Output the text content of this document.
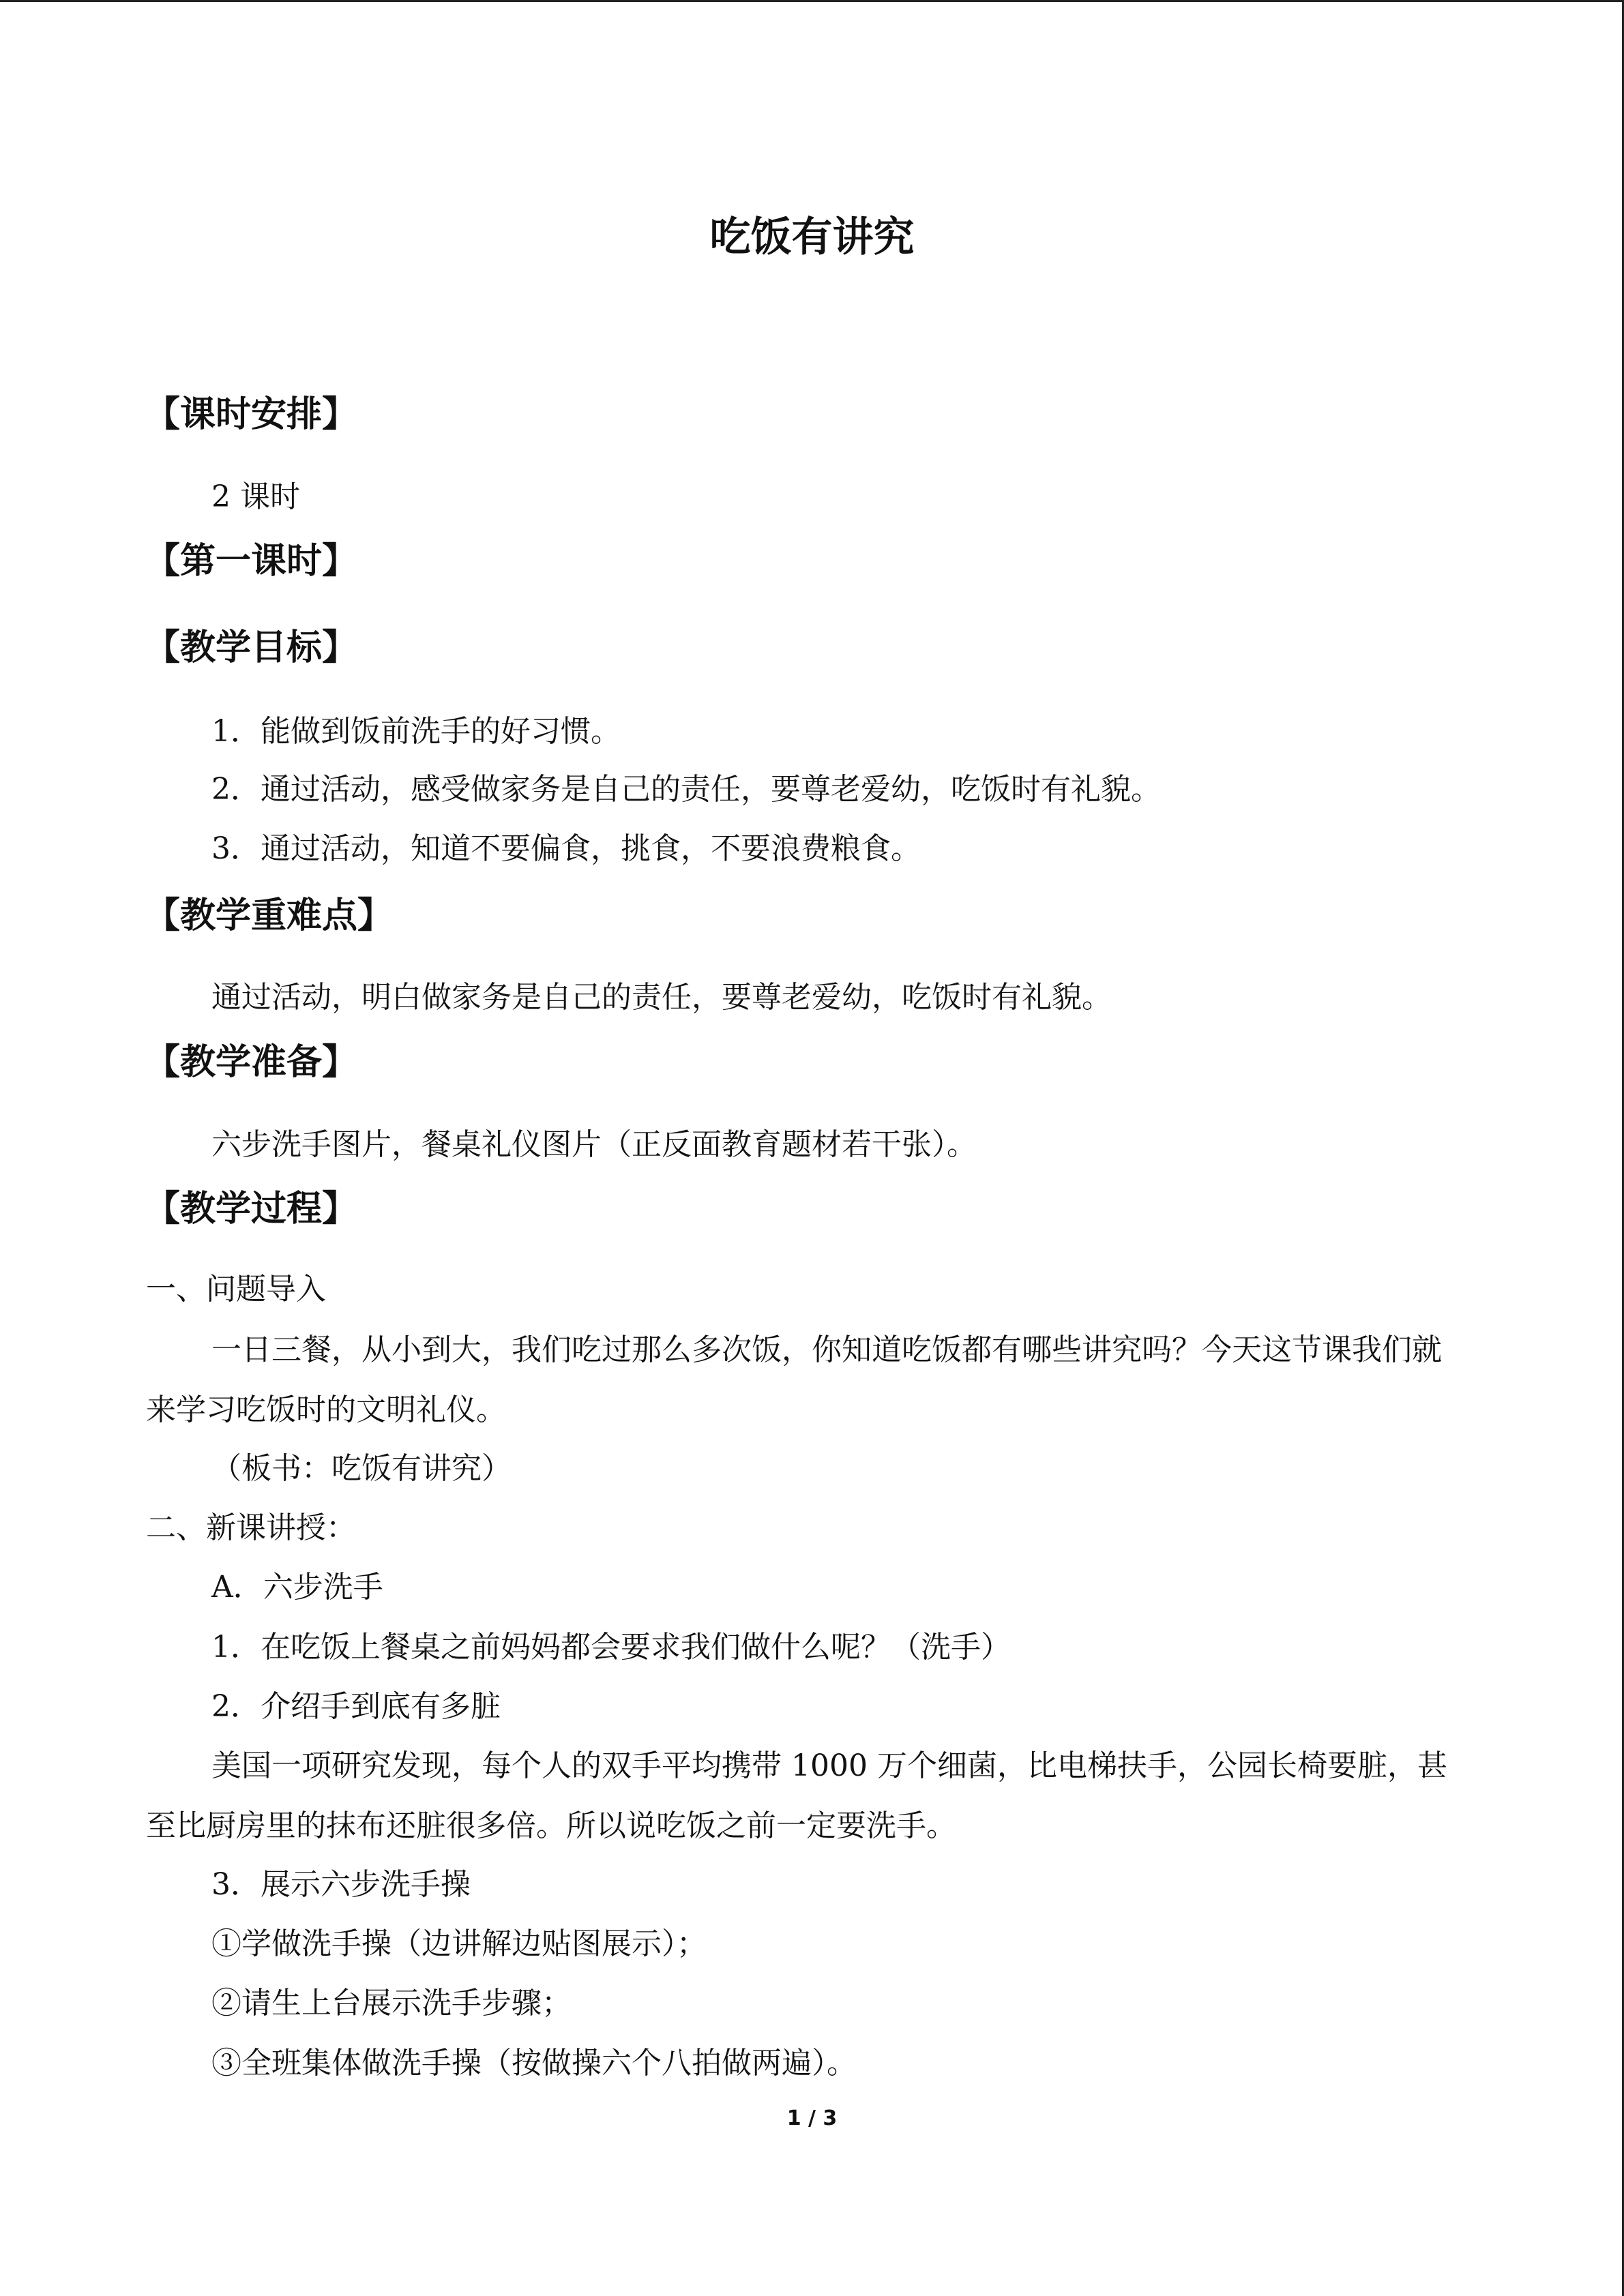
吃饭有讲究
【课时安排】

2 课时

【第一课时】
【教学目标】

1．能做到饭前洗手的好习惯。

2．通过活动，感受做家务是自己的责任，要尊老爱幼，吃饭时有礼貌。

3．通过活动，知道不要偏食，挑食，不要浪费粮食。

【教学重难点】

通过活动，明白做家务是自己的责任，要尊老爱幼，吃饭时有礼貌。

【教学准备】

六步洗手图片，餐桌礼仪图片（正反面教育题材若干张）。

【教学过程】

一、问题导入

一日三餐，从小到大，我们吃过那么多次饭，你知道吃饭都有哪些讲究吗？今天这节课我们就来学习吃饭时的文明礼仪。

（板书：吃饭有讲究）

二、新课讲授：

A．六步洗手

1．在吃饭上餐桌之前妈妈都会要求我们做什么呢？（洗手）

2．介绍手到底有多脏

美国一项研究发现，每个人的双手平均携带 1000 万个细菌，比电梯扶手，公园长椅要脏，甚至比厨房里的抹布还脏很多倍。所以说吃饭之前一定要洗手。

3．展示六步洗手操

①学做洗手操（边讲解边贴图展示）；

②请生上台展示洗手步骤；

③全班集体做洗手操（按做操六个八拍做两遍）。

1 / 3
